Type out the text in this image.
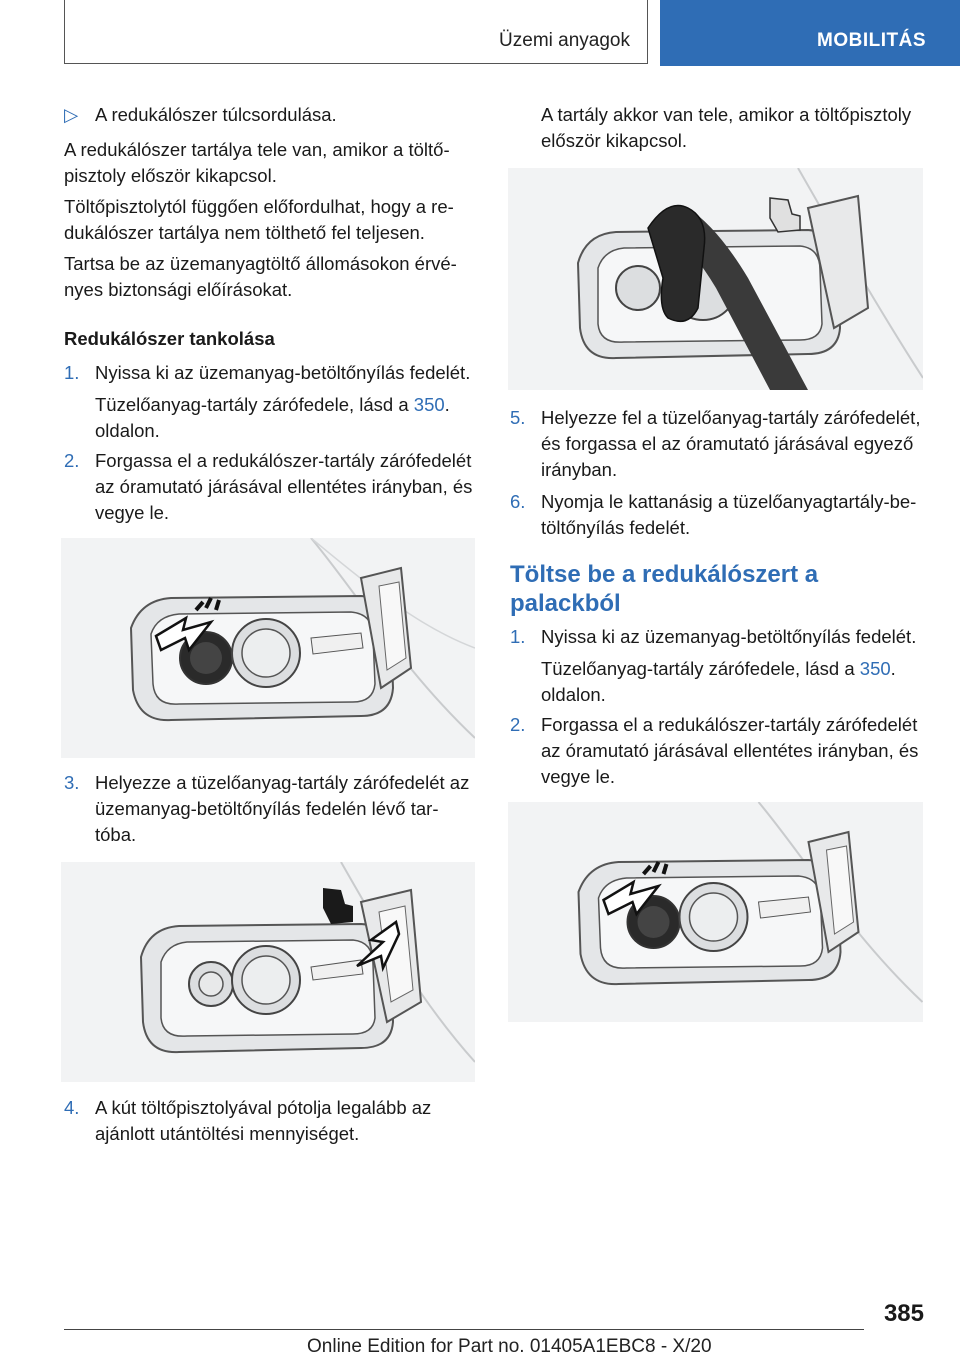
Üzemi anyagok	MOBILITÁS
▷ A redukálószer túlcsordulása.
A redukálószer tartálya tele van, amikor a töltő-
pisztoly először kikapcsol.
Töltőpisztolytól függően előfordulhat, hogy a re-
dukálószer tartálya nem tölthető fel teljesen.
Tartsa be az üzemanyagtöltő állomásokon érvé-
nyes biztonsági előírásokat.
Redukálószer tankolása
1. Nyissa ki az üzemanyag-betöltőnyílás fedelét.
Tüzelőanyag-tartály zárófedele, lásd a 350.
oldalon.
2. Forgassa el a redukálószer-tartály zárófedelét
az óramutató járásával ellentétes irányban, és
vegye le.
3. Helyezze a tüzelőanyag-tartály zárófedelét az
üzemanyag-betöltőnyílás fedelén lévő tar-
tóba.
4. A kút töltőpisztolyával pótolja legalább az
ajánlott utántöltési mennyiséget.
A tartály akkor van tele, amikor a töltőpisztoly
először kikapcsol.
5. Helyezze fel a tüzelőanyag-tartály zárófedelét,
és forgassa el az óramutató járásával egyező
irányban.
6. Nyomja le kattanásig a tüzelőanyagtartály-be-
töltőnyílás fedelét.
Töltse be a redukálószert a
palackból
1. Nyissa ki az üzemanyag-betöltőnyílás fedelét.
Tüzelőanyag-tartály zárófedele, lásd a 350.
oldalon.
2. Forgassa el a redukálószer-tartály zárófedelét
az óramutató járásával ellentétes irányban, és
vegye le.
385
Online Edition for Part no. 01405A1EBC8 - X/20
